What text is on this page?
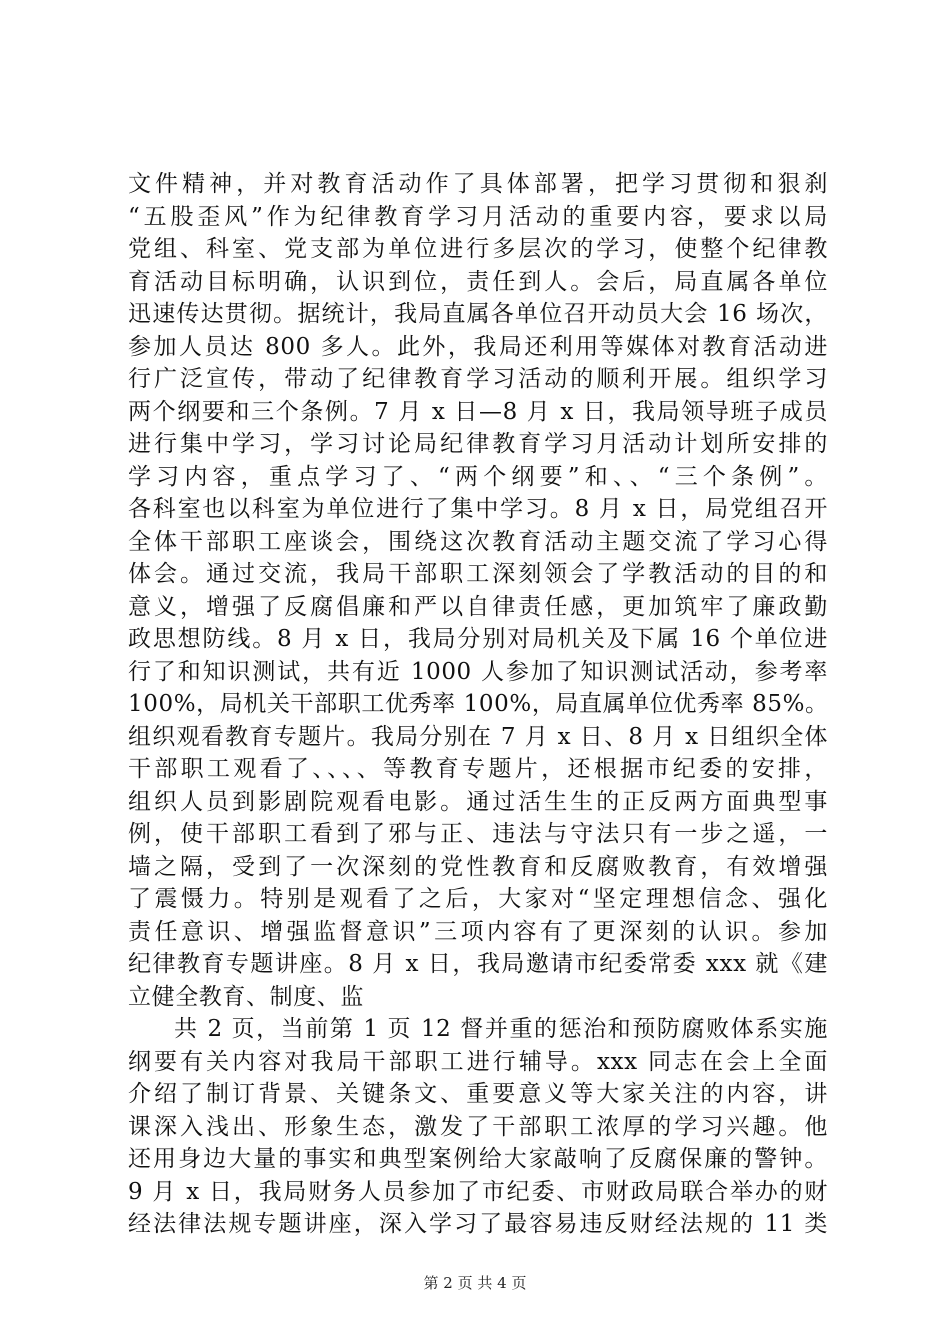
文件精神，并对教育活动作了具体部署，把学习贯彻和狠刹
“五股歪风”作为纪律教育学习月活动的重要内容，要求以局
党组、科室、党支部为单位进行多层次的学习，使整个纪律教
育活动目标明确，认识到位，责任到人。会后，局直属各单位
迅速传达贯彻。据统计，我局直属各单位召开动员大会 16 场次，
参加人员达 800 多人。此外，我局还利用等媒体对教育活动进
行广泛宣传，带动了纪律教育学习活动的顺利开展。组织学习
两个纲要和三个条例。7 月 x 日—8 月 x 日，我局领导班子成员
进行集中学习，学习讨论局纪律教育学习月活动计划所安排的
学习内容，重点学习了、“两个纲要”和、、“三个条例”。
各科室也以科室为单位进行了集中学习。8 月 x 日，局党组召开
全体干部职工座谈会，围绕这次教育活动主题交流了学习心得
体会。通过交流，我局干部职工深刻领会了学教活动的目的和
意义，增强了反腐倡廉和严以自律责任感，更加筑牢了廉政勤
政思想防线。8 月 x 日，我局分别对局机关及下属 16 个单位进
行了和知识测试，共有近 1000 人参加了知识测试活动，参考率
100%，局机关干部职工优秀率 100%，局直属单位优秀率 85%。
组织观看教育专题片。我局分别在 7 月 x 日、8 月 x 日组织全体
干部职工观看了、、、、等教育专题片，还根据市纪委的安排，
组织人员到影剧院观看电影。通过活生生的正反两方面典型事
例，使干部职工看到了邪与正、违法与守法只有一步之遥，一
墙之隔，受到了一次深刻的党性教育和反腐败教育，有效增强
了震慑力。特别是观看了之后，大家对“坚定理想信念、强化
责任意识、增强监督意识”三项内容有了更深刻的认识。参加
纪律教育专题讲座。8 月 x 日，我局邀请市纪委常委 xxx 就《建
立健全教育、制度、监
共 2 页，当前第 1 页 12 督并重的惩治和预防腐败体系实施
纲要有关内容对我局干部职工进行辅导。xxx 同志在会上全面
介绍了制订背景、关键条文、重要意义等大家关注的内容，讲
课深入浅出、形象生态，激发了干部职工浓厚的学习兴趣。他
还用身边大量的事实和典型案例给大家敲响了反腐保廉的警钟。
9 月 x 日，我局财务人员参加了市纪委、市财政局联合举办的财
经法律法规专题讲座，深入学习了最容易违反财经法规的 11 类
第 2 页 共 4 页
